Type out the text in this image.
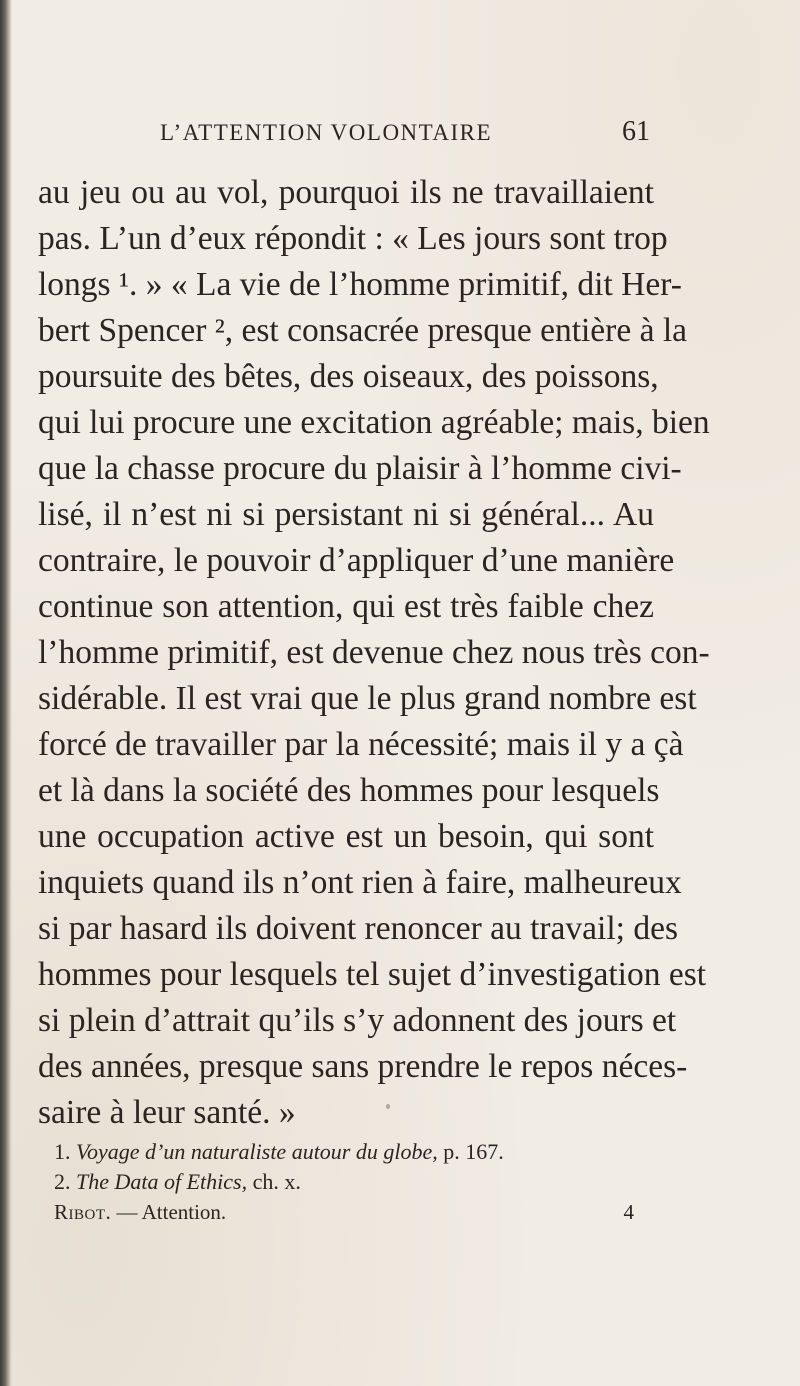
L’ATTENTION VOLONTAIRE	61
au jeu ou au vol, pourquoi ils ne travaillaient
pas. L’un d’eux répondit : « Les jours sont trop
longs ¹. » « La vie de l’homme primitif, dit Her-
bert Spencer ², est consacrée presque entière à la
poursuite des bêtes, des oiseaux, des poissons,
qui lui procure une excitation agréable; mais, bien
que la chasse procure du plaisir à l’homme civi-
lisé, il n’est ni si persistant ni si général... Au
contraire, le pouvoir d’appliquer d’une manière
continue son attention, qui est très faible chez
l’homme primitif, est devenue chez nous très con-
sidérable. Il est vrai que le plus grand nombre est
forcé de travailler par la nécessité; mais il y a çà
et là dans la société des hommes pour lesquels
une occupation active est un besoin, qui sont
inquiets quand ils n’ont rien à faire, malheureux
si par hasard ils doivent renoncer au travail; des
hommes pour lesquels tel sujet d’investigation est
si plein d’attrait qu’ils s’y adonnent des jours et
des années, presque sans prendre le repos néces-
saire à leur santé. »
1. Voyage d’un naturaliste autour du globe, p. 167.
2. The Data of Ethics, ch. x.
Ribot. — Attention.	4
